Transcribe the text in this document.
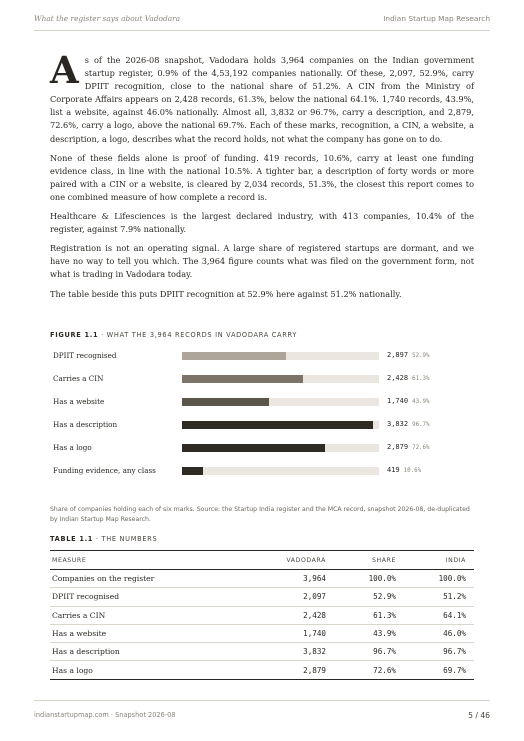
What the register says about Vadodara	Indian Startup Map Research

As of the 2026-08 snapshot, Vadodara holds 3,964 companies on the Indian government startup register, 0.9% of the 4,53,192 companies nationally. Of these, 2,097, 52.9%, carry DPIIT recognition, close to the national share of 51.2%. A CIN from the Ministry of Corporate Affairs appears on 2,428 records, 61.3%, below the national 64.1%. 1,740 records, 43.9%, list a website, against 46.0% nationally. Almost all, 3,832 or 96.7%, carry a description, and 2,879, 72.6%, carry a logo, above the national 69.7%. Each of these marks, recognition, a CIN, a website, a description, a logo, describes what the record holds, not what the company has gone on to do.

None of these fields alone is proof of funding. 419 records, 10.6%, carry at least one funding evidence class, in line with the national 10.5%. A tighter bar, a description of forty words or more paired with a CIN or a website, is cleared by 2,034 records, 51.3%, the closest this report comes to one combined measure of how complete a record is.

Healthcare & Lifesciences is the largest declared industry, with 413 companies, 10.4% of the register, against 7.9% nationally.

Registration is not an operating signal. A large share of registered startups are dormant, and we have no way to tell you which. The 3,964 figure counts what was filed on the government form, not what is trading in Vadodara today.

The table beside this puts DPIIT recognition at 52.9% here against 51.2% nationally.

FIGURE 1.1 · WHAT THE 3,964 RECORDS IN VADODARA CARRY
DPIIT recognised	2,897 52.9%
Carries a CIN	2,428 61.3%
Has a website	1,740 43.9%
Has a description	3,832 96.7%
Has a logo	2,879 72.6%
Funding evidence, any class	419 10.6%
Share of companies holding each of six marks. Source: the Startup India register and the MCA record, snapshot 2026-08, de-duplicated by Indian Startup Map Research.
TABLE 1.1 · THE NUMBERS
MEASURE	VADODARA	SHARE	INDIA
Companies on the register	3,964	100.0%	100.0%
DPIIT recognised	2,097	52.9%	51.2%
Carries a CIN	2,428	61.3%	64.1%
Has a website	1,740	43.9%	46.0%
Has a description	3,832	96.7%	96.7%
Has a logo	2,879	72.6%	69.7%
indianstartupmap.com · Snapshot 2026-08	5 / 46
